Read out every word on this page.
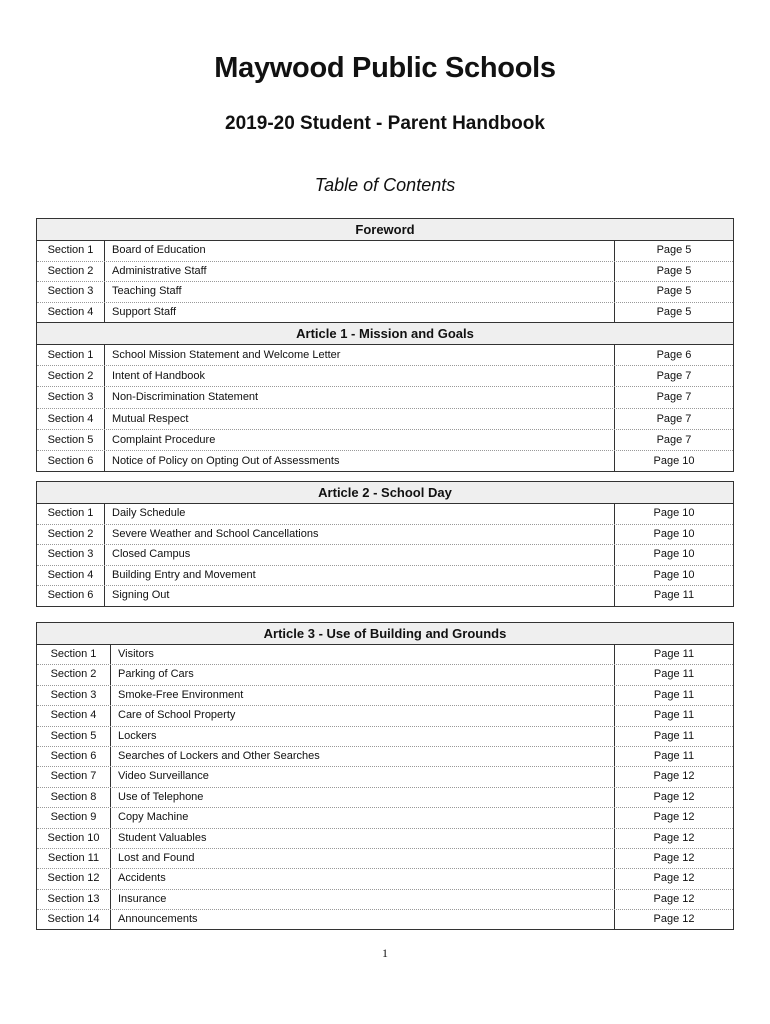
Maywood Public Schools
2019-20 Student - Parent Handbook
Table of Contents
Foreword
Section 1	Board of Education	Page 5
Section 2	Administrative Staff	Page 5
Section 3	Teaching Staff	Page 5
Section 4	Support Staff	Page 5
Article 1 - Mission and Goals
Section 1	School Mission Statement and Welcome Letter	Page 6
Section 2	Intent of Handbook	Page 7
Section 3	Non-Discrimination Statement	Page 7
Section 4	Mutual Respect	Page 7
Section 5	Complaint Procedure	Page 7
Section 6	Notice of Policy on Opting Out of Assessments	Page 10
Article 2 - School Day
Section 1	Daily Schedule	Page 10
Section 2	Severe Weather and School Cancellations	Page 10
Section 3	Closed Campus	Page 10
Section 4	Building Entry and Movement	Page 10
Section 6	Signing Out	Page 11
Article 3 - Use of Building and Grounds
Section 1	Visitors	Page 11
Section 2	Parking of Cars	Page 11
Section 3	Smoke-Free Environment	Page 11
Section 4	Care of School Property	Page 11
Section 5	Lockers	Page 11
Section 6	Searches of Lockers and Other Searches	Page 11
Section 7	Video Surveillance	Page 12
Section 8	Use of Telephone	Page 12
Section 9	Copy Machine	Page 12
Section 10	Student Valuables	Page 12
Section 11	Lost and Found	Page 12
Section 12	Accidents	Page 12
Section 13	Insurance	Page 12
Section 14	Announcements	Page 12
1
